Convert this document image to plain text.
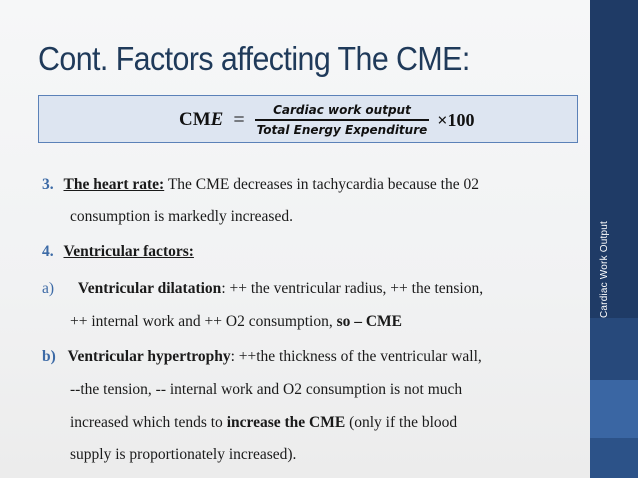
Cont. Factors affecting The CME:
CME = $\frac{\text{Cardiac work output}}{\text{Total Energy Expenditure}} \times 100$
3. The heart rate: The CME decreases in tachycardia because the 02
consumption is markedly increased.
4. Ventricular factors:
a) Ventricular dilatation: ++ the ventricular radius, ++ the tension,
++ internal work and ++ O2 consumption, so – CME
b) Ventricular hypertrophy: ++the thickness of the ventricular wall,
--the tension, -- internal work and O2 consumption is not much
increased which tends to increase the CME (only if the blood
supply is proportionately increased).
Cardiac Work Output
